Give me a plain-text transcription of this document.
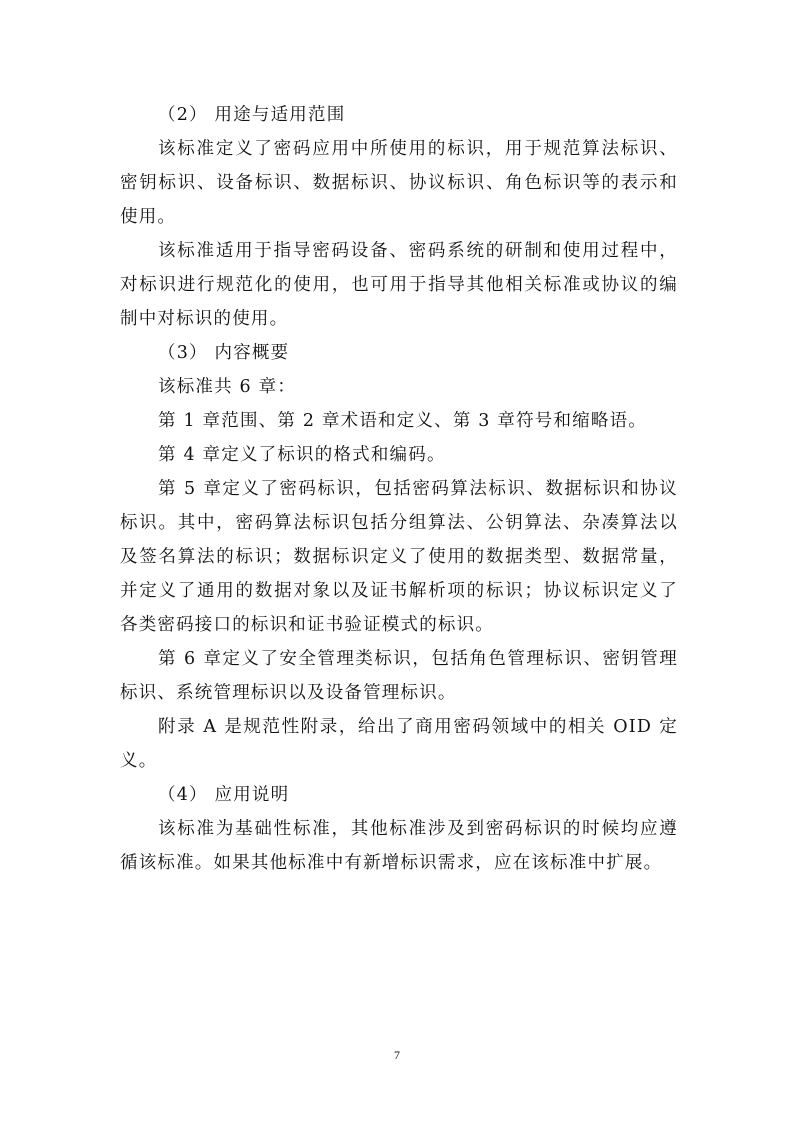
（2） 用途与适用范围

该标准定义了密码应用中所使用的标识，用于规范算法标识、密钥标识、设备标识、数据标识、协议标识、角色标识等的表示和使用。

该标准适用于指导密码设备、密码系统的研制和使用过程中，对标识进行规范化的使用，也可用于指导其他相关标准或协议的编制中对标识的使用。

（3） 内容概要

该标准共 6 章：

第 1 章范围、第 2 章术语和定义、第 3 章符号和缩略语。

第 4 章定义了标识的格式和编码。

第 5 章定义了密码标识，包括密码算法标识、数据标识和协议标识。其中，密码算法标识包括分组算法、公钥算法、杂凑算法以及签名算法的标识；数据标识定义了使用的数据类型、数据常量，并定义了通用的数据对象以及证书解析项的标识；协议标识定义了各类密码接口的标识和证书验证模式的标识。

第 6 章定义了安全管理类标识，包括角色管理标识、密钥管理标识、系统管理标识以及设备管理标识。

附录 A 是规范性附录，给出了商用密码领域中的相关 OID 定义。

（4） 应用说明

该标准为基础性标准，其他标准涉及到密码标识的时候均应遵循该标准。如果其他标准中有新增标识需求，应在该标准中扩展。

7
